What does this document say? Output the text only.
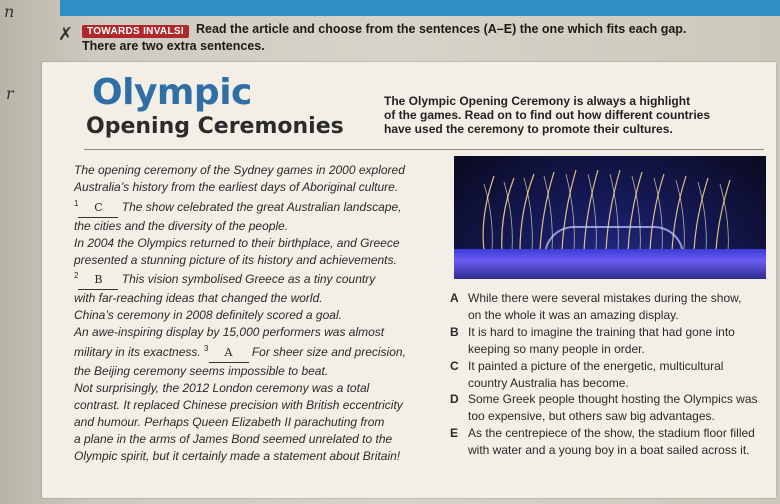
n
r
✗	TOWARDS INVALSI Read the article and choose from the sentences (A–E) the one which fits each gap.
There are two extra sentences.
Olympic
Opening Ceremonies
The Olympic Opening Ceremony is always a highlight
of the games. Read on to find out how different countries
have used the ceremony to promote their cultures.
The opening ceremony of the Sydney games in 2000 explored
Australia’s history from the earliest days of Aboriginal culture.
$^1$ C The show celebrated the great Australian landscape,
the cities and the diversity of the people.
In 2004 the Olympics returned to their birthplace, and Greece
presented a stunning picture of its history and achievements.
$^2$ B This vision symbolised Greece as a tiny country
with far-reaching ideas that changed the world.
China’s ceremony in 2008 definitely scored a goal.
An awe-inspiring display by 15,000 performers was almost
military in its exactness. $^3$ A For sheer size and precision,
the Beijing ceremony seems impossible to beat.
Not surprisingly, the 2012 London ceremony was a total
contrast. It replaced Chinese precision with British eccentricity
and humour. Perhaps Queen Elizabeth II parachuting from
a plane in the arms of James Bond seemed unrelated to the
Olympic spirit, but it certainly made a statement about Britain!
A While there were several mistakes during the show,
on the whole it was an amazing display.
B It is hard to imagine the training that had gone into
keeping so many people in order.
C It painted a picture of the energetic, multicultural
country Australia has become.
D Some Greek people thought hosting the Olympics was
too expensive, but others saw big advantages.
E As the centrepiece of the show, the stadium floor filled
with water and a young boy in a boat sailed across it.
